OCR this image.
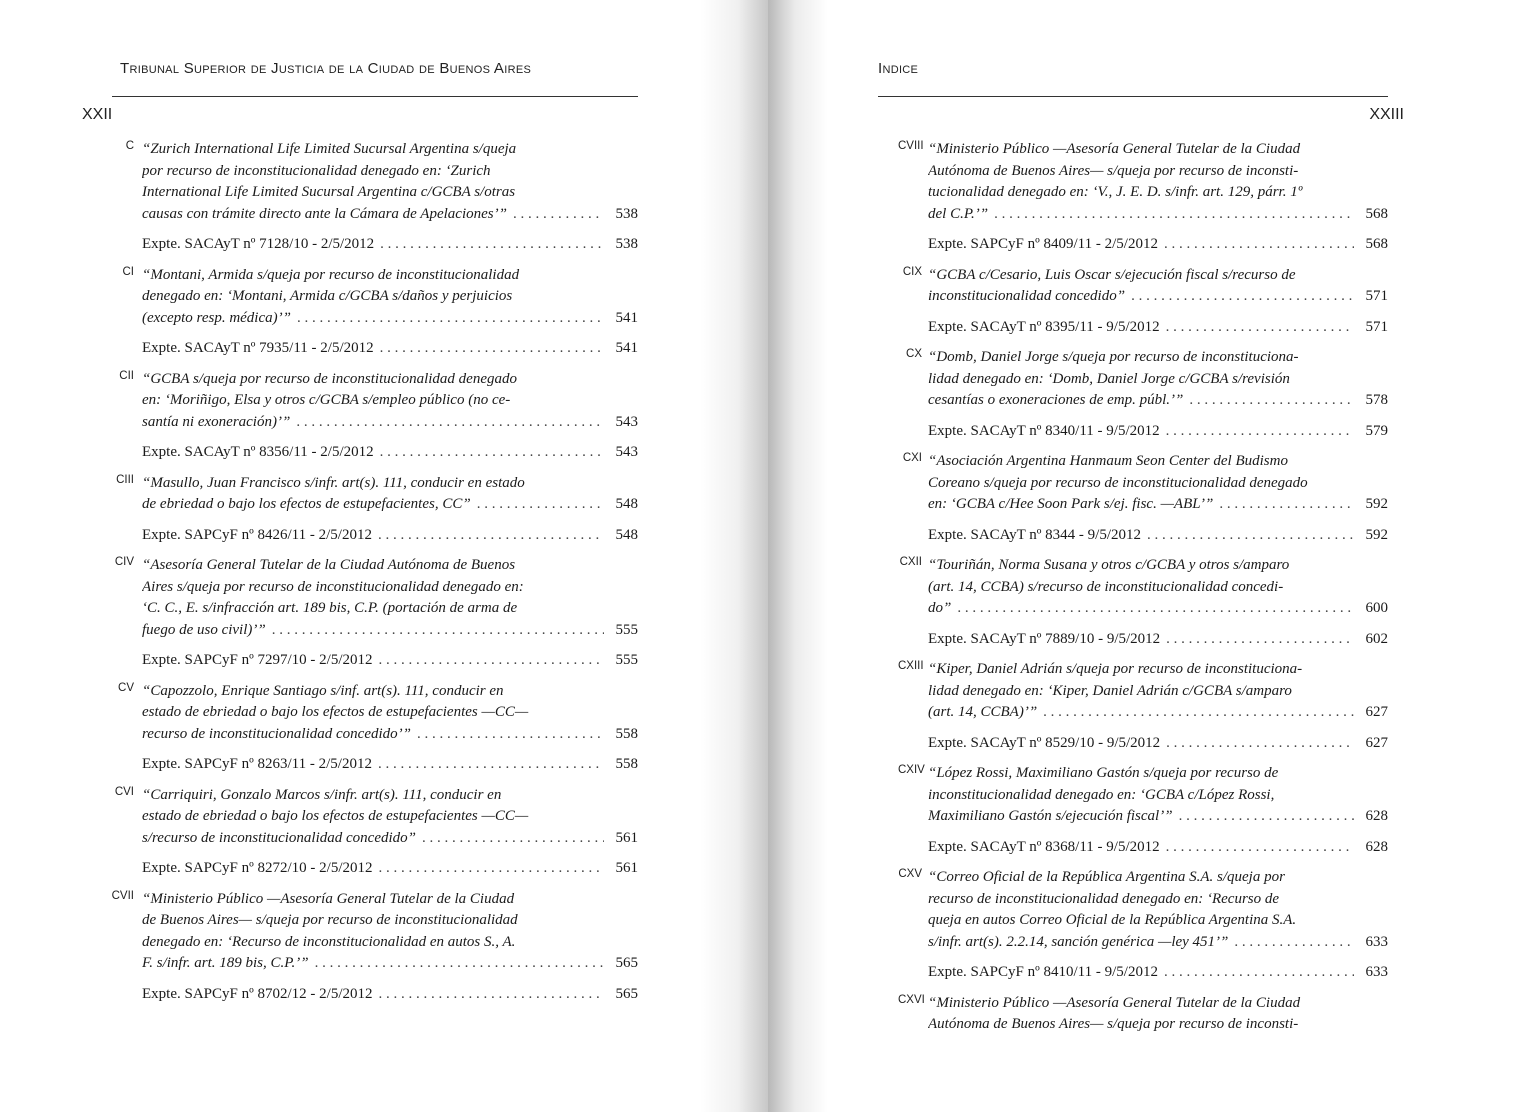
Tribunal Superior de Justicia de la Ciudad de Buenos Aires
XXII
C “Zurich International Life Limited Sucursal Argentina s/queja
por recurso de inconstitucionalidad denegado en: ‘Zurich
International Life Limited Sucursal Argentina c/GCBA s/otras
causas con trámite directo ante la Cámara de Apelaciones’” . . .	538
Expte. SACAyT nº 7128/10 - 2/5/2012 . . .	538
CI “Montani, Armida s/queja por recurso de inconstitucionalidad
denegado en: ‘Montani, Armida c/GCBA s/daños y perjuicios
(excepto resp. médica)’” . . .	541
Expte. SACAyT nº 7935/11 - 2/5/2012 . . .	541
CII “GCBA s/queja por recurso de inconstitucionalidad denegado
en: ‘Moriñigo, Elsa y otros c/GCBA s/empleo público (no ce-
santía ni exoneración)’” . . .	543
Expte. SACAyT nº 8356/11 - 2/5/2012 . . .	543
CIII “Masullo, Juan Francisco s/infr. art(s). 111, conducir en estado
de ebriedad o bajo los efectos de estupefacientes, CC” . . .	548
Expte. SAPCyF nº 8426/11 - 2/5/2012 . . .	548
CIV “Asesoría General Tutelar de la Ciudad Autónoma de Buenos
Aires s/queja por recurso de inconstitucionalidad denegado en:
‘C. C., E. s/infracción art. 189 bis, C.P. (portación de arma de
fuego de uso civil)’” . . .	555
Expte. SAPCyF nº 7297/10 - 2/5/2012 . . .	555
CV “Capozzolo, Enrique Santiago s/inf. art(s). 111, conducir en
estado de ebriedad o bajo los efectos de estupefacientes —CC—
recurso de inconstitucionalidad concedido’” . . .	558
Expte. SAPCyF nº 8263/11 - 2/5/2012 . . .	558
CVI “Carriquiri, Gonzalo Marcos s/infr. art(s). 111, conducir en
estado de ebriedad o bajo los efectos de estupefacientes —CC—
s/recurso de inconstitucionalidad concedido” . . .	561
Expte. SAPCyF nº 8272/10 - 2/5/2012 . . .	561
CVII “Ministerio Público —Asesoría General Tutelar de la Ciudad
de Buenos Aires— s/queja por recurso de inconstitucionalidad
denegado en: ‘Recurso de inconstitucionalidad en autos S., A.
F. s/infr. art. 189 bis, C.P.’” . . .	565
Expte. SAPCyF nº 8702/12 - 2/5/2012 . . .	565
Indice
XXIII
CVIII “Ministerio Público —Asesoría General Tutelar de la Ciudad
Autónoma de Buenos Aires— s/queja por recurso de inconsti-
tucionalidad denegado en: ‘V., J. E. D. s/infr. art. 129, párr. 1º
del C.P.’” . . .	568
Expte. SAPCyF nº 8409/11 - 2/5/2012 . . .	568
CIX “GCBA c/Cesario, Luis Oscar s/ejecución fiscal s/recurso de
inconstitucionalidad concedido” . . .	571
Expte. SACAyT nº 8395/11 - 9/5/2012 . . .	571
CX “Domb, Daniel Jorge s/queja por recurso de inconstituciona-
lidad denegado en: ‘Domb, Daniel Jorge c/GCBA s/revisión
cesantías o exoneraciones de emp. públ.’” . . .	578
Expte. SACAyT nº 8340/11 - 9/5/2012 . . .	579
CXI “Asociación Argentina Hanmaum Seon Center del Budismo
Coreano s/queja por recurso de inconstitucionalidad denegado
en: ‘GCBA c/Hee Soon Park s/ej. fisc. —ABL’” . . .	592
Expte. SACAyT nº 8344 - 9/5/2012 . . .	592
CXII “Touriñán, Norma Susana y otros c/GCBA y otros s/amparo
(art. 14, CCBA) s/recurso de inconstitucionalidad concedi-
do” . . .	600
Expte. SACAyT nº 7889/10 - 9/5/2012 . . .	602
CXIII “Kiper, Daniel Adrián s/queja por recurso de inconstituciona-
lidad denegado en: ‘Kiper, Daniel Adrián c/GCBA s/amparo
(art. 14, CCBA)’” . . .	627
Expte. SACAyT nº 8529/10 - 9/5/2012 . . .	627
CXIV “López Rossi, Maximiliano Gastón s/queja por recurso de
inconstitucionalidad denegado en: ‘GCBA c/López Rossi,
Maximiliano Gastón s/ejecución fiscal’” . . .	628
Expte. SACAyT nº 8368/11 - 9/5/2012 . . .	628
CXV “Correo Oficial de la República Argentina S.A. s/queja por
recurso de inconstitucionalidad denegado en: ‘Recurso de
queja en autos Correo Oficial de la República Argentina S.A.
s/infr. art(s). 2.2.14, sanción genérica —ley 451’” . . .	633
Expte. SAPCyF nº 8410/11 - 9/5/2012 . . .	633
CXVI “Ministerio Público —Asesoría General Tutelar de la Ciudad
Autónoma de Buenos Aires— s/queja por recurso de inconsti-
